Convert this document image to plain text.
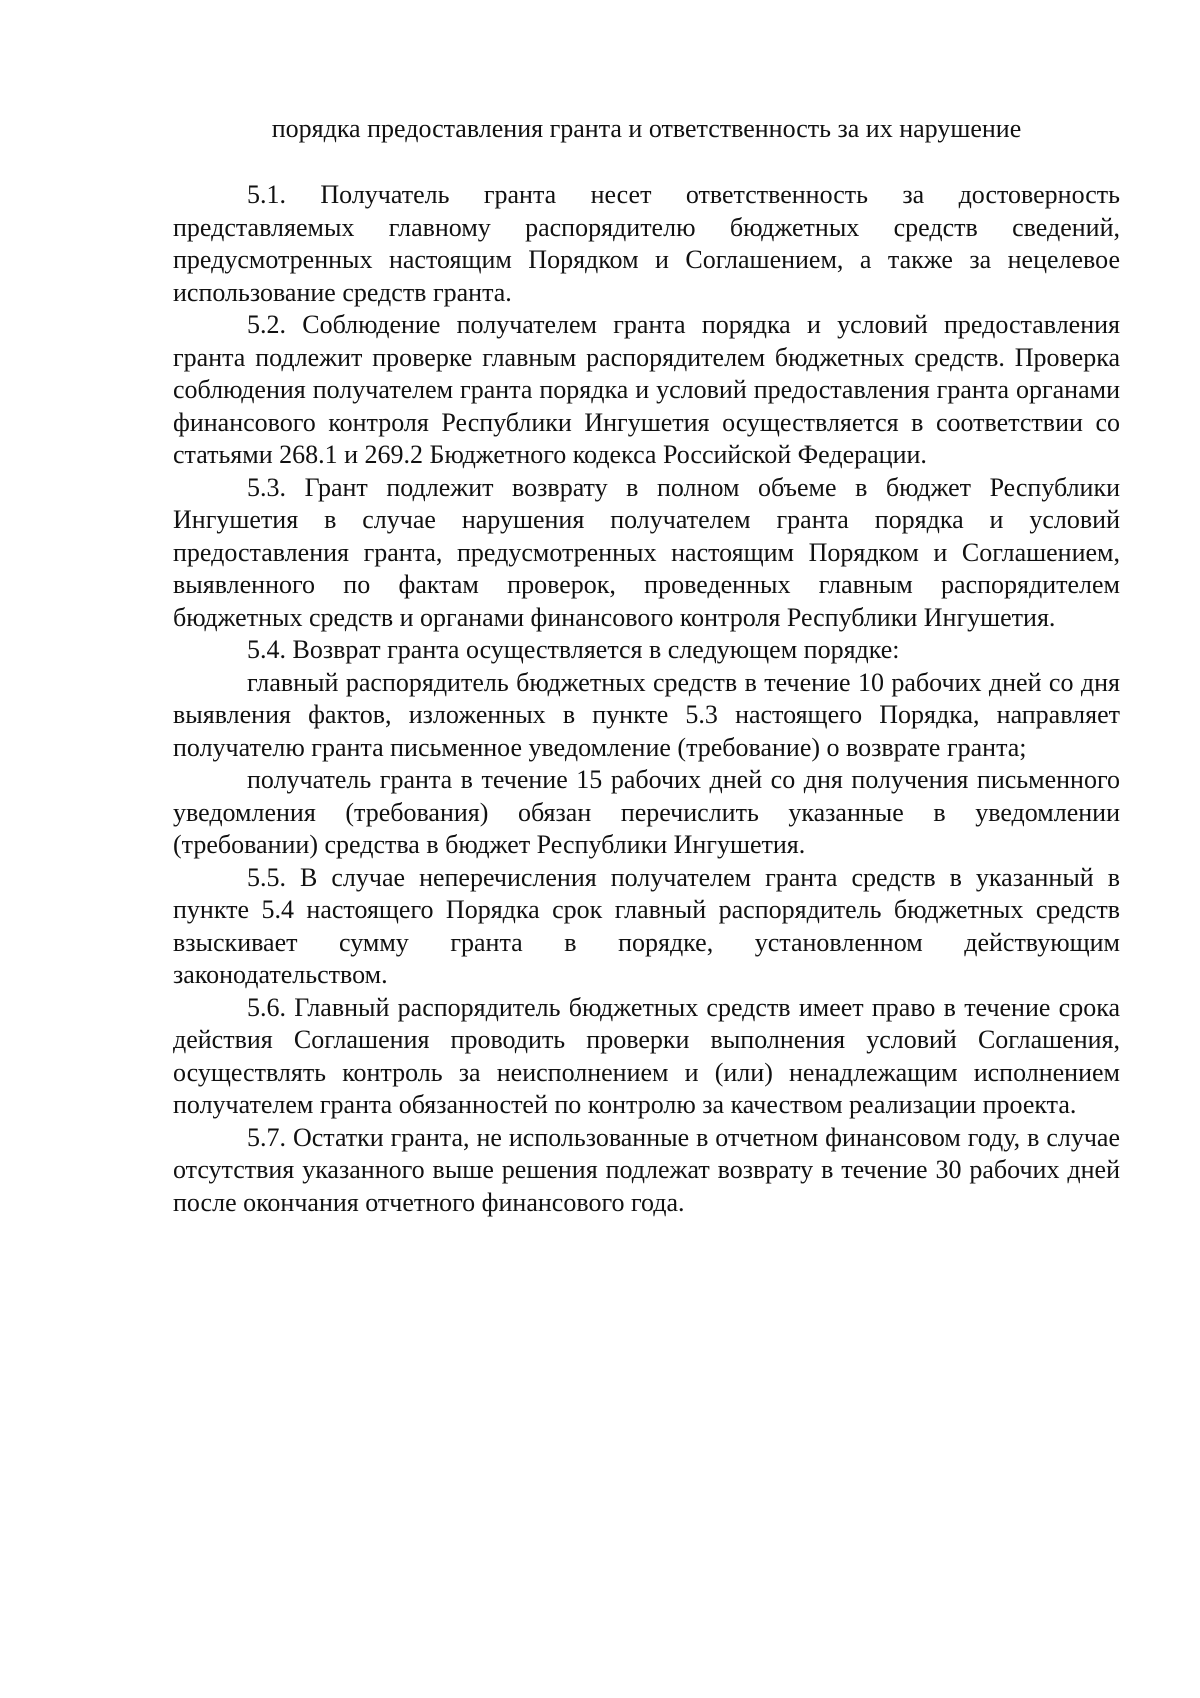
порядка предоставления гранта и ответственность за их нарушение

5.1. Получатель гранта несет ответственность за достоверность представляемых главному распорядителю бюджетных средств сведений, предусмотренных настоящим Порядком и Соглашением, а также за нецелевое использование средств гранта.

5.2. Соблюдение получателем гранта порядка и условий предоставления гранта подлежит проверке главным распорядителем бюджетных средств. Проверка соблюдения получателем гранта порядка и условий предоставления гранта органами финансового контроля Республики Ингушетия осуществляется в соответствии со статьями 268.1 и 269.2 Бюджетного кодекса Российской Федерации.

5.3. Грант подлежит возврату в полном объеме в бюджет Республики Ингушетия в случае нарушения получателем гранта порядка и условий предоставления гранта, предусмотренных настоящим Порядком и Соглашением, выявленного по фактам проверок, проведенных главным распорядителем бюджетных средств и органами финансового контроля Республики Ингушетия.

5.4. Возврат гранта осуществляется в следующем порядке:

главный распорядитель бюджетных средств в течение 10 рабочих дней со дня выявления фактов, изложенных в пункте 5.3 настоящего Порядка, направляет получателю гранта письменное уведомление (требование) о возврате гранта;

получатель гранта в течение 15 рабочих дней со дня получения письменного уведомления (требования) обязан перечислить указанные в уведомлении (требовании) средства в бюджет Республики Ингушетия.

5.5. В случае неперечисления получателем гранта средств в указанный в пункте 5.4 настоящего Порядка срок главный распорядитель бюджетных средств взыскивает сумму гранта в порядке, установленном действующим законодательством.

5.6. Главный распорядитель бюджетных средств имеет право в течение срока действия Соглашения проводить проверки выполнения условий Соглашения, осуществлять контроль за неисполнением и (или) ненадлежащим исполнением получателем гранта обязанностей по контролю за качеством реализации проекта.

5.7. Остатки гранта, не использованные в отчетном финансовом году, в случае отсутствия указанного выше решения подлежат возврату в течение 30 рабочих дней после окончания отчетного финансового года.
